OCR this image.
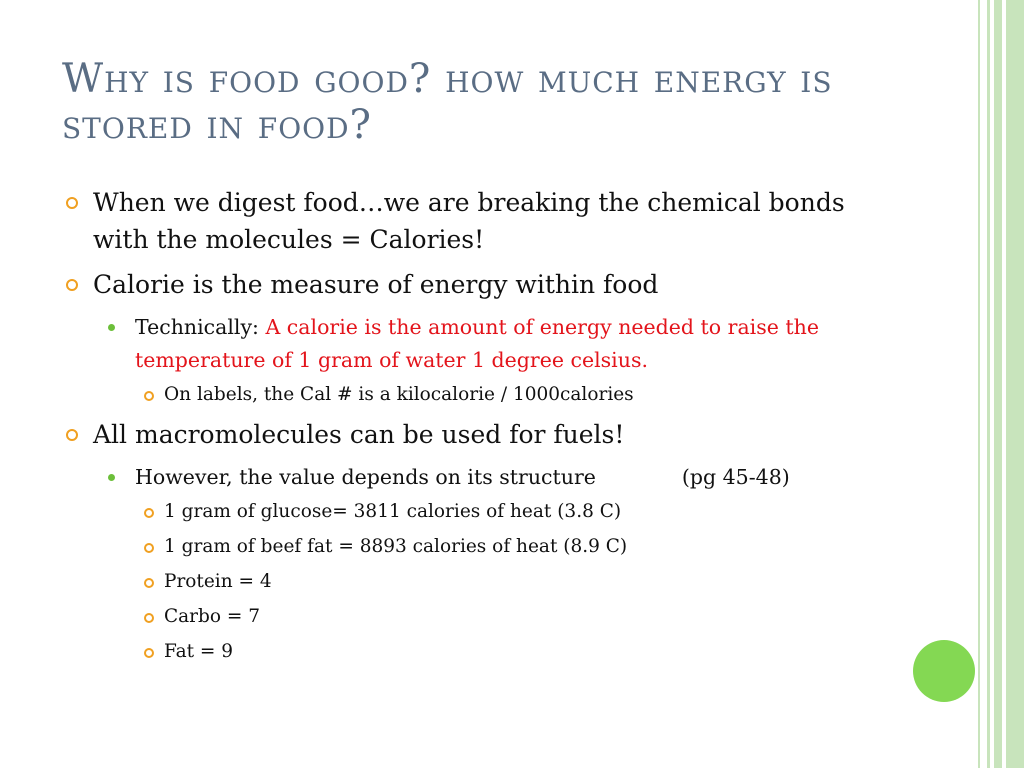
Why is food good? how much energy is stored in food?
When we digest food…we are breaking the chemical bonds with the molecules = Calories!
Calorie is the measure of energy within food
Technically: A calorie is the amount of energy needed to raise the temperature of 1 gram of water 1 degree celsius.
On labels, the Cal # is a kilocalorie / 1000calories
All macromolecules can be used for fuels!
However, the value depends on its structure	(pg 45-48)
1 gram of glucose= 3811 calories of heat (3.8 C)
1 gram of beef fat = 8893 calories of heat (8.9 C)
Protein = 4
Carbo = 7
Fat = 9
